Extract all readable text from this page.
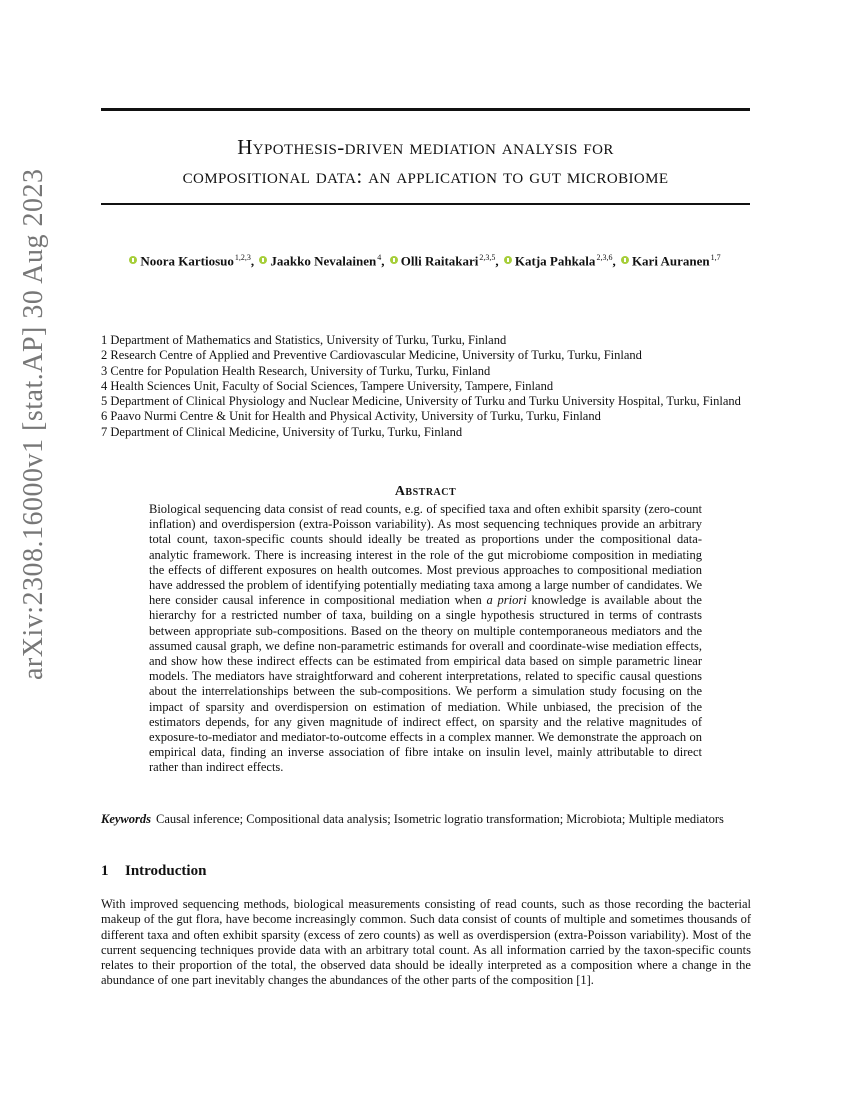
arXiv:2308.16000v1 [stat.AP] 30 Aug 2023
Hypothesis-driven mediation analysis for
compositional data: an application to gut microbiome
Noora Kartiosuo$^{1,2,3}$, Jaakko Nevalainen$^4$, Olli Raitakari$^{2,3,5}$, Katja Pahkala$^{2,3,6}$, Kari Auranen$^{1,7}$
1 Department of Mathematics and Statistics, University of Turku, Turku, Finland
2 Research Centre of Applied and Preventive Cardiovascular Medicine, University of Turku, Turku, Finland
3 Centre for Population Health Research, University of Turku, Turku, Finland
4 Health Sciences Unit, Faculty of Social Sciences, Tampere University, Tampere, Finland
5 Department of Clinical Physiology and Nuclear Medicine, University of Turku and Turku University Hospital, Turku, Finland
6 Paavo Nurmi Centre & Unit for Health and Physical Activity, University of Turku, Turku, Finland
7 Department of Clinical Medicine, University of Turku, Turku, Finland
Abstract
Biological sequencing data consist of read counts, e.g. of specified taxa and often exhibit sparsity (zero-count inflation) and overdispersion (extra-Poisson variability). As most sequencing techniques provide an arbitrary total count, taxon-specific counts should ideally be treated as proportions under the compositional data-analytic framework. There is increasing interest in the role of the gut microbiome composition in mediating the effects of different exposures on health outcomes. Most previous approaches to compositional mediation have addressed the problem of identifying potentially mediating taxa among a large number of candidates. We here consider causal inference in compositional mediation when a priori knowledge is available about the hierarchy for a restricted number of taxa, building on a single hypothesis structured in terms of contrasts between appropriate sub-compositions. Based on the theory on multiple contemporaneous mediators and the assumed causal graph, we define non-parametric estimands for overall and coordinate-wise mediation effects, and show how these indirect effects can be estimated from empirical data based on simple parametric linear models. The mediators have straightforward and coherent interpretations, related to specific causal questions about the interrelationships between the sub-compositions. We perform a simulation study focusing on the impact of sparsity and overdispersion on estimation of mediation. While unbiased, the precision of the estimators depends, for any given magnitude of indirect effect, on sparsity and the relative magnitudes of exposure-to-mediator and mediator-to-outcome effects in a complex manner. We demonstrate the approach on empirical data, finding an inverse association of fibre intake on insulin level, mainly attributable to direct rather than indirect effects.
Keywords Causal inference; Compositional data analysis; Isometric logratio transformation; Microbiota; Multiple mediators
1 Introduction
With improved sequencing methods, biological measurements consisting of read counts, such as those recording the bacterial makeup of the gut flora, have become increasingly common. Such data consist of counts of multiple and sometimes thousands of different taxa and often exhibit sparsity (excess of zero counts) as well as overdispersion (extra-Poisson variability). Most of the current sequencing techniques provide data with an arbitrary total count. As all information carried by the taxon-specific counts relates to their proportion of the total, the observed data should be ideally interpreted as a composition where a change in the abundance of one part inevitably changes the abundances of the other parts of the composition [1].
